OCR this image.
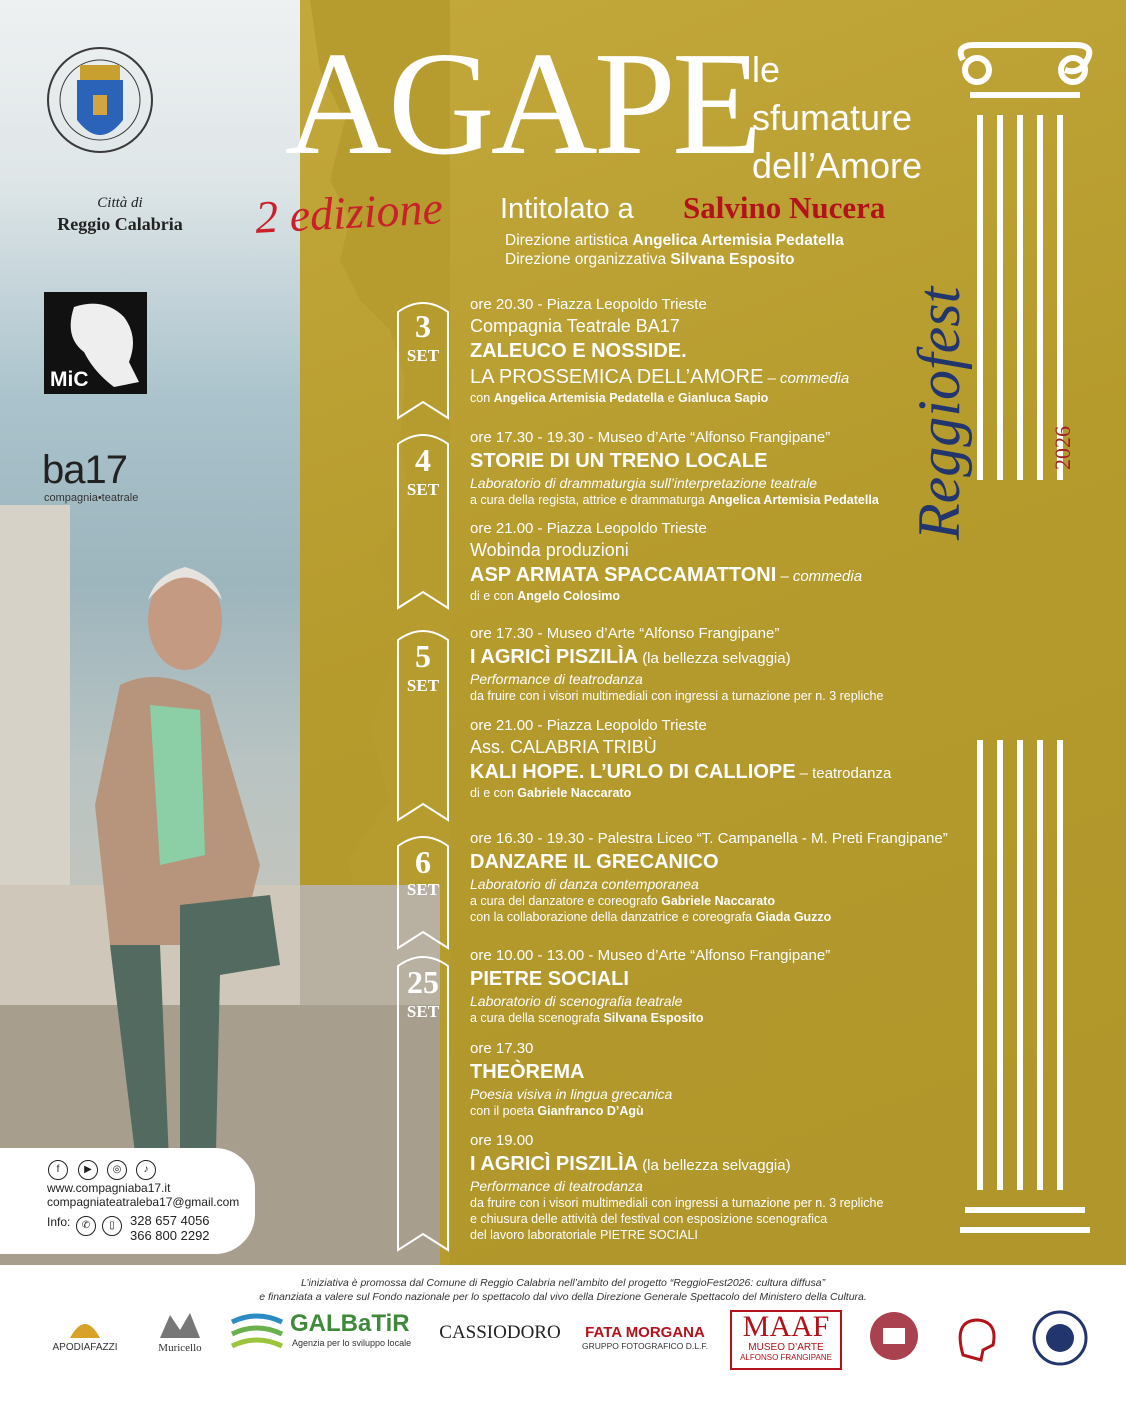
Reggiofest	2026
Città di
Reggio Calabria
MiC
ba17
compagnia•teatrale
AGAPE
le
sfumature
dell’Amore
2 edizione Intitolato a Salvino Nucera
Direzione artistica Angelica Artemisia Pedatella
Direzione organizzativa Silvana Esposito
3
SET
4
SET
5
SET
6
SET
25
SET
ore 20.30 - Piazza Leopoldo Trieste
Compagnia Teatrale BA17
ZALEUCO E NOSSIDE.
LA PROSSEMICA DELL’AMORE – commedia
con Angelica Artemisia Pedatella e Gianluca Sapio
ore 17.30 - 19.30 - Museo d’Arte “Alfonso Frangipane”
STORIE DI UN TRENO LOCALE
Laboratorio di drammaturgia sull’interpretazione teatrale
a cura della regista, attrice e drammaturga Angelica Artemisia Pedatella
ore 21.00 - Piazza Leopoldo Trieste
Wobinda produzioni
ASP ARMATA SPACCAMATTONI – commedia
di e con Angelo Colosimo
ore 17.30 - Museo d’Arte “Alfonso Frangipane”
I AGRICÌ PISZILÌA (la bellezza selvaggia)
Performance di teatrodanza
da fruire con i visori multimediali con ingressi a turnazione per n. 3 repliche
ore 21.00 - Piazza Leopoldo Trieste
Ass. CALABRIA TRIBÙ
KALI HOPE. L’URLO DI CALLIOPE – teatrodanza
di e con Gabriele Naccarato
ore 16.30 - 19.30 - Palestra Liceo “T. Campanella - M. Preti Frangipane”
DANZARE IL GRECANICO
Laboratorio di danza contemporanea
a cura del danzatore e coreografo Gabriele Naccarato
con la collaborazione della danzatrice e coreografa Giada Guzzo
ore 10.00 - 13.00 - Museo d’Arte “Alfonso Frangipane”
PIETRE SOCIALI
Laboratorio di scenografia teatrale
a cura della scenografa Silvana Esposito
ore 17.30
THEÒREMA
Poesia visiva in lingua grecanica
con il poeta Gianfranco D’Agù
ore 19.00
I AGRICÌ PISZILÌA (la bellezza selvaggia)
Performance di teatrodanza
da fruire con i visori multimediali con ingressi a turnazione per n. 3 repliche
e chiusura delle attività del festival con esposizione scenografica
del lavoro laboratoriale PIETRE SOCIALI
f	▶	◎	♪
www.compagniaba17.it
compagniateatraleba17@gmail.com
Info:	✆	▯	328 657 4056
366 800 2292
L’iniziativa è promossa dal Comune di Reggio Calabria nell’ambito del progetto “ReggioFest2026: cultura diffusa”
e finanziata a valere sul Fondo nazionale per lo spettacolo dal vivo della Direzione Generale Spettacolo del Ministero della Cultura.
APODIAFAZZI	Muricello
GALBaTiR
Agenzia per lo sviluppo locale	CASSIODORO	FATA MORGANA
GRUPPO FOTOGRAFICO D.L.F.
MAAF
MUSEO D’ARTE
ALFONSO FRANGIPANE
